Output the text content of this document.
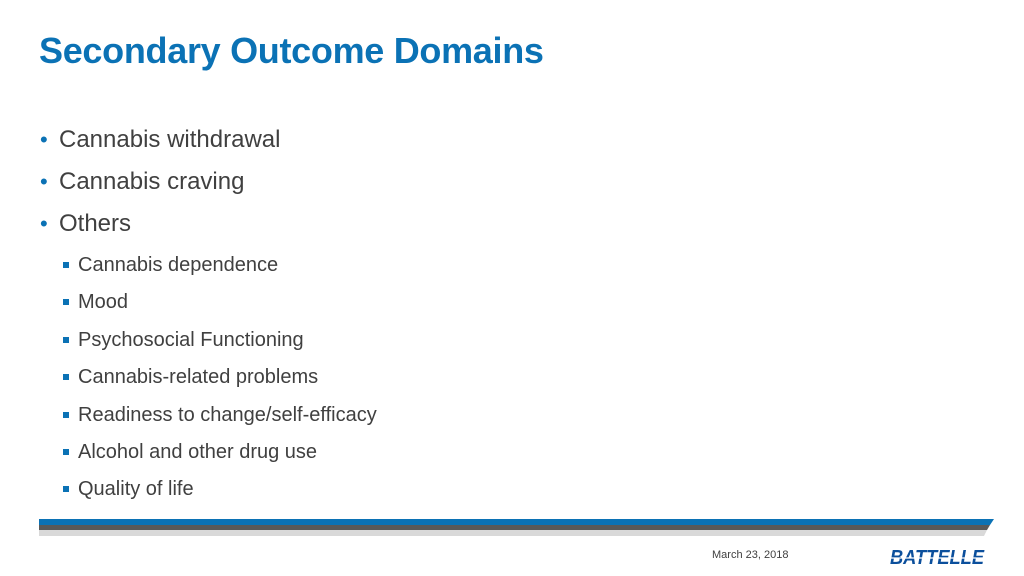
Secondary Outcome Domains
• Cannabis withdrawal
• Cannabis craving
• Others
Cannabis dependence
Mood
Psychosocial Functioning
Cannabis-related problems
Readiness to change/self-efficacy
Alcohol and other drug use
Quality of life
March 23, 2018	BATTELLE
